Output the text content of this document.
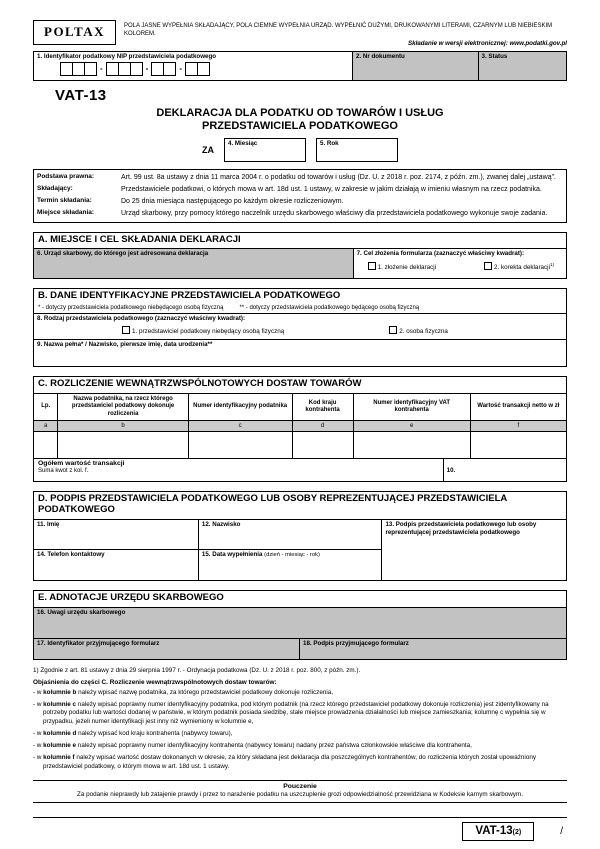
POLTAX	POLA JASNE WYPEŁNIA SKŁADAJĄCY, POLA CIEMNE WYPEŁNIA URZĄD. WYPEŁNIĆ DUŻYMI, DRUKOWANYMI LITERAMI, CZARNYM LUB NIEBIESKIM KOLOREM.
Składanie w wersji elektronicznej: www.podatki.gov.pl
1. Identyfikator podatkowy NIP przedstawiciela podatkowego
-	-	-
2. Nr dokumentu	3. Status
VAT-13
DEKLARACJA DLA PODATKU OD TOWARÓW I USŁUG
PRZEDSTAWICIELA PODATKOWEGO
ZA
4. Miesiąc	5. Rok
Podstawa prawna:	Art. 99 ust. 8a ustawy z dnia 11 marca 2004 r. o podatku od towarów i usług (Dz. U. z 2018 r. poz. 2174, z późn. zm.), zwanej dalej „ustawą”.
Składający:	Przedstawiciele podatkowi, o których mowa w art. 18d ust. 1 ustawy, w zakresie w jakim działają w imieniu własnym na rzecz podatnika.
Termin składania:	Do 25 dnia miesiąca następującego po każdym okresie rozliczeniowym.
Miejsce składania:	Urząd skarbowy, przy pomocy którego naczelnik urzędu skarbowego właściwy dla przedstawiciela podatkowego wykonuje swoje zadania.
A. MIEJSCE I CEL SKŁADANIA DEKLARACJI
6. Urząd skarbowy, do którego jest adresowana deklaracja	7. Cel złożenia formularza (zaznaczyć właściwy kwadrat):
1. złożenie deklaracji	2. korekta deklaracji$^{1)}$
B. DANE IDENTYFIKACYJNE PRZEDSTAWICIELA PODATKOWEGO
* - dotyczy przedstawiciela podatkowego niebędącego osobą fizyczną	** - dotyczy przedstawiciela podatkowego będącego osobą fizyczną
8. Rodzaj przedstawiciela podatkowego (zaznaczyć właściwy kwadrat):
1. przedstawiciel podatkowy niebędący osobą fizyczną	2. osoba fizyczna
9. Nazwa pełna* / Nazwisko, pierwsze imię, data urodzenia**
C. ROZLICZENIE WEWNĄTRZWSPÓLNOTOWYCH DOSTAW TOWARÓW
Lp.	Nazwa podatnika, na rzecz którego przedstawiciel podatkowy dokonuje rozliczenia	Numer identyfikacyjny podatnika	Kod kraju kontrahenta	Numer identyfikacyjny VAT kontrahenta	Wartość transakcji netto w zł
a	b	c	d	e	f

Ogółem wartość transakcji
Suma kwot z kol. f.	10.
D. PODPIS PRZEDSTAWICIELA PODATKOWEGO LUB OSOBY REPREZENTUJĄCEJ PRZEDSTAWICIELA PODATKOWEGO
11. Imię	12. Nazwisko	13. Podpis przedstawiciela podatkowego lub osoby reprezentującej przedstawiciela podatkowego
14. Telefon kontaktowy	15. Data wypełnienia (dzień - miesiąc - rok)
E. ADNOTACJE URZĘDU SKARBOWEGO
16. Uwagi urzędu skarbowego
17. Identyfikator przyjmującego formularz	18. Podpis przyjmującego formularz
1) Zgodnie z art. 81 ustawy z dnia 29 sierpnia 1997 r. - Ordynacja podatkowa (Dz. U. z 2018 r. poz. 800, z późn. zm.).
Objaśnienia do części C. Rozliczenie wewnątrzwspólnotowych dostaw towarów:
- w kolumnie b należy wpisać nazwę podatnika, za którego przedstawiciel podatkowy dokonuje rozliczenia,
- w kolumnie c należy wpisać poprawny numer identyfikacyjny podatnika, pod którym podatnik (na rzecz którego przedstawiciel podatkowy dokonuje rozliczenia) jest zidentyfikowany na potrzeby podatku lub wartości dodanej w państwie, w którym podatnik posiada siedzibę, stałe miejsce prowadzenia działalności lub miejsce zamieszkania; kolumnę c wypełnia się w przypadku, jeżeli numer identyfikacji jest inny niż wymieniony w kolumnie e,
- w kolumnie d należy wpisać kod kraju kontrahenta (nabywcy towaru),
- w kolumnie e należy wpisać poprawny numer identyfikacyjny kontrahenta (nabywcy towaru) nadany przez państwa członkowskie właściwe dla kontrahenta,
- w kolumnie f należy wpisać wartość dostaw dokonanych w okresie, za który składana jest deklaracja dla poszczególnych kontrahentów, do rozliczenia których został upoważniony przedstawiciel podatkowy, o którym mowa w art. 18d ust. 1 ustawy.
Pouczenie
Za podanie nieprawdy lub zatajenie prawdy i przez to narażenie podatku na uszczuplenie grozi odpowiedzialność przewidziana w Kodeksie karnym skarbowym.
VAT-13(2)	/
